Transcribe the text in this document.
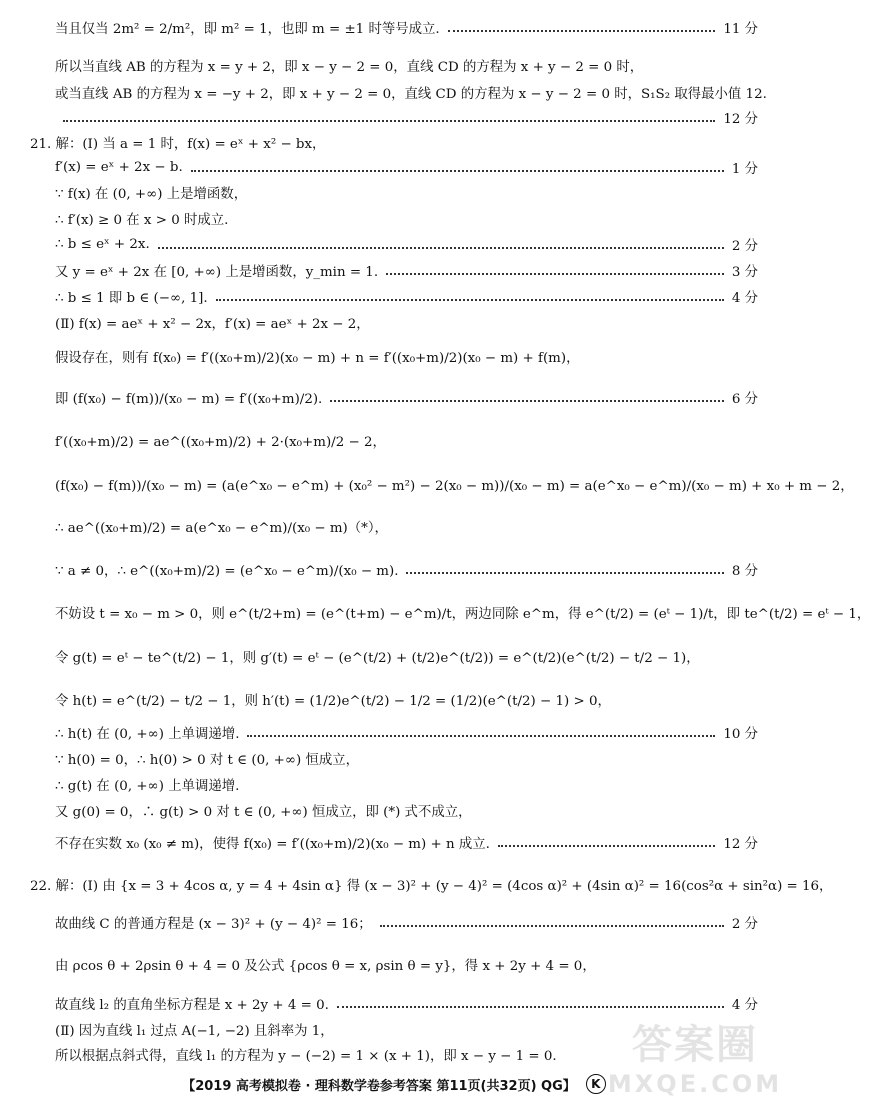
当且仅当 2m² = 2/m²，即 m² = 1，也即 m = ±1 时等号成立.	11 分
所以当直线 AB 的方程为 x = y + 2，即 x − y − 2 = 0，直线 CD 的方程为 x + y − 2 = 0 时，
或当直线 AB 的方程为 x = −y + 2，即 x + y − 2 = 0，直线 CD 的方程为 x − y − 2 = 0 时，S₁S₂ 取得最小值 12.
12 分
21. 解：(Ⅰ) 当 a = 1 时，f(x) = eˣ + x² − bx，
f′(x) = eˣ + 2x − b.	1 分
∵ f(x) 在 (0, +∞) 上是增函数，
∴ f′(x) ≥ 0 在 x > 0 时成立.
∴ b ≤ eˣ + 2x.	2 分
又 y = eˣ + 2x 在 [0, +∞) 上是增函数，y_min = 1.	3 分
∴ b ≤ 1 即 b ∈ (−∞, 1].	4 分
(Ⅱ) f(x) = aeˣ + x² − 2x，f′(x) = aeˣ + 2x − 2，
假设存在，则有 f(x₀) = f′((x₀+m)/2)(x₀ − m) + n = f′((x₀+m)/2)(x₀ − m) + f(m)，
即 (f(x₀) − f(m))/(x₀ − m) = f′((x₀+m)/2).	6 分
f′((x₀+m)/2) = ae^((x₀+m)/2) + 2·(x₀+m)/2 − 2，
(f(x₀) − f(m))/(x₀ − m) = (a(e^x₀ − e^m) + (x₀² − m²) − 2(x₀ − m))/(x₀ − m) = a(e^x₀ − e^m)/(x₀ − m) + x₀ + m − 2，
∴ ae^((x₀+m)/2) = a(e^x₀ − e^m)/(x₀ − m)（*），
∵ a ≠ 0，∴ e^((x₀+m)/2) = (e^x₀ − e^m)/(x₀ − m).	8 分
不妨设 t = x₀ − m > 0，则 e^(t/2+m) = (e^(t+m) − e^m)/t，两边同除 e^m，得 e^(t/2) = (eᵗ − 1)/t，即 te^(t/2) = eᵗ − 1，
令 g(t) = eᵗ − te^(t/2) − 1，则 g′(t) = eᵗ − (e^(t/2) + (t/2)e^(t/2)) = e^(t/2)(e^(t/2) − t/2 − 1)，
令 h(t) = e^(t/2) − t/2 − 1，则 h′(t) = (1/2)e^(t/2) − 1/2 = (1/2)(e^(t/2) − 1) > 0，
∴ h(t) 在 (0, +∞) 上单调递增.	10 分
∵ h(0) = 0，∴ h(0) > 0 对 t ∈ (0, +∞) 恒成立，
∴ g(t) 在 (0, +∞) 上单调递增.
又 g(0) = 0，∴ g(t) > 0 对 t ∈ (0, +∞) 恒成立，即 (*) 式不成立，
不存在实数 x₀ (x₀ ≠ m)，使得 f(x₀) = f′((x₀+m)/2)(x₀ − m) + n 成立.	12 分
22. 解：(Ⅰ) 由 {x = 3 + 4cos α, y = 4 + 4sin α} 得 (x − 3)² + (y − 4)² = (4cos α)² + (4sin α)² = 16(cos²α + sin²α) = 16，
故曲线 C 的普通方程是 (x − 3)² + (y − 4)² = 16；	2 分
由 ρcos θ + 2ρsin θ + 4 = 0 及公式 {ρcos θ = x, ρsin θ = y}，得 x + 2y + 4 = 0，
故直线 l₂ 的直角坐标方程是 x + 2y + 4 = 0.	4 分
(Ⅱ) 因为直线 l₁ 过点 A(−1, −2) 且斜率为 1，
所以根据点斜式得，直线 l₁ 的方程为 y − (−2) = 1 × (x + 1)，即 x − y − 1 = 0. 答案圈
MXQE.COM
【2019 高考模拟卷 · 理科数学卷参考答案 第11页(共32页) QG】	K
